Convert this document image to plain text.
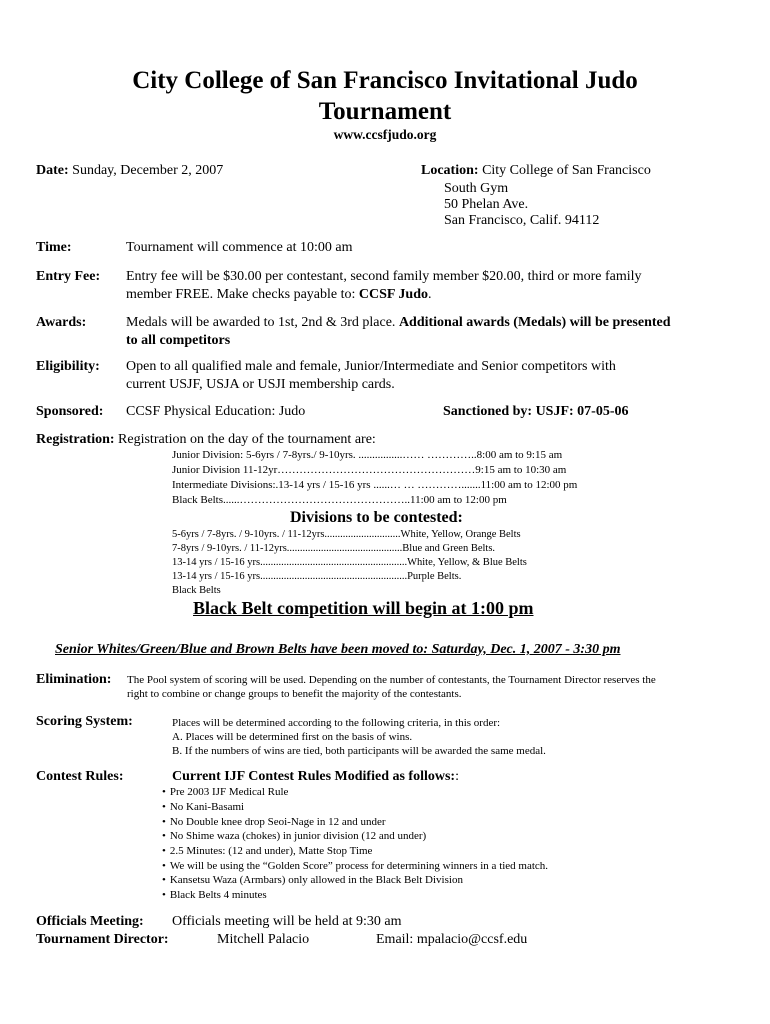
City College of San Francisco Invitational Judo
Tournament
www.ccsfjudo.org
Date: Sunday, December 2, 2007	Location: City College of San Francisco
South Gym
50 Phelan Ave.
San Francisco, Calif. 94112
Time:	Tournament will commence at 10:00 am
Entry Fee: Entry fee will be $30.00 per contestant, second family member $20.00, third or more family
member FREE. Make checks payable to: CCSF Judo.
Awards:	Medals will be awarded to 1st, 2nd & 3rd place. Additional awards (Medals) will be presented
to all competitors
Eligibility: Open to all qualified male and female, Junior/Intermediate and Senior competitors with
current USJF, USJA or USJI membership cards.
Sponsored: CCSF Physical Education: Judo	Sanctioned by: USJF: 07-05-06
Registration: Registration on the day of the tournament are:
Junior Division: 5-6yrs / 7-8yrs./ 9-10yrs. ................…… …………..8:00 am to 9:15 am
Junior Division 11-12yr………………………………………………9:15 am to 10:30 am
Intermediate Divisions:.13-14 yrs / 15-16 yrs ......… … ………….......11:00 am to 12:00 pm
Black Belts......………………………………………..11:00 am to 12:00 pm
Divisions to be contested:
5-6yrs / 7-8yrs. / 9-10yrs. / 11-12yrs.............................White, Yellow, Orange Belts
7-8yrs / 9-10yrs. / 11-12yrs............................................Blue and Green Belts.
13-14 yrs / 15-16 yrs........................................................White, Yellow, & Blue Belts
13-14 yrs / 15-16 yrs........................................................Purple Belts.
Black Belts
Black Belt competition will begin at 1:00 pm
Senior Whites/Green/Blue and Brown Belts have been moved to: Saturday, Dec. 1, 2007 - 3:30 pm
Elimination: The Pool system of scoring will be used. Depending on the number of contestants, the Tournament Director reserves the
right to combine or change groups to benefit the majority of the contestants.
Scoring System:	Places will be determined according to the following criteria, in this order:
A. Places will be determined first on the basis of wins.
B. If the numbers of wins are tied, both participants will be awarded the same medal.
Contest Rules:	Current IJF Contest Rules Modified as follows::
• Pre 2003 IJF Medical Rule
• No Kani-Basami
• No Double knee drop Seoi-Nage in 12 and under
• No Shime waza (chokes) in junior division (12 and under)
• 2.5 Minutes: (12 and under), Matte Stop Time
• We will be using the “Golden Score” process for determining winners in a tied match.
• Kansetsu Waza (Armbars) only allowed in the Black Belt Division
• Black Belts 4 minutes
Officials Meeting: Officials meeting will be held at 9:30 am
Tournament Director:	Mitchell Palacio	Email: mpalacio@ccsf.edu
